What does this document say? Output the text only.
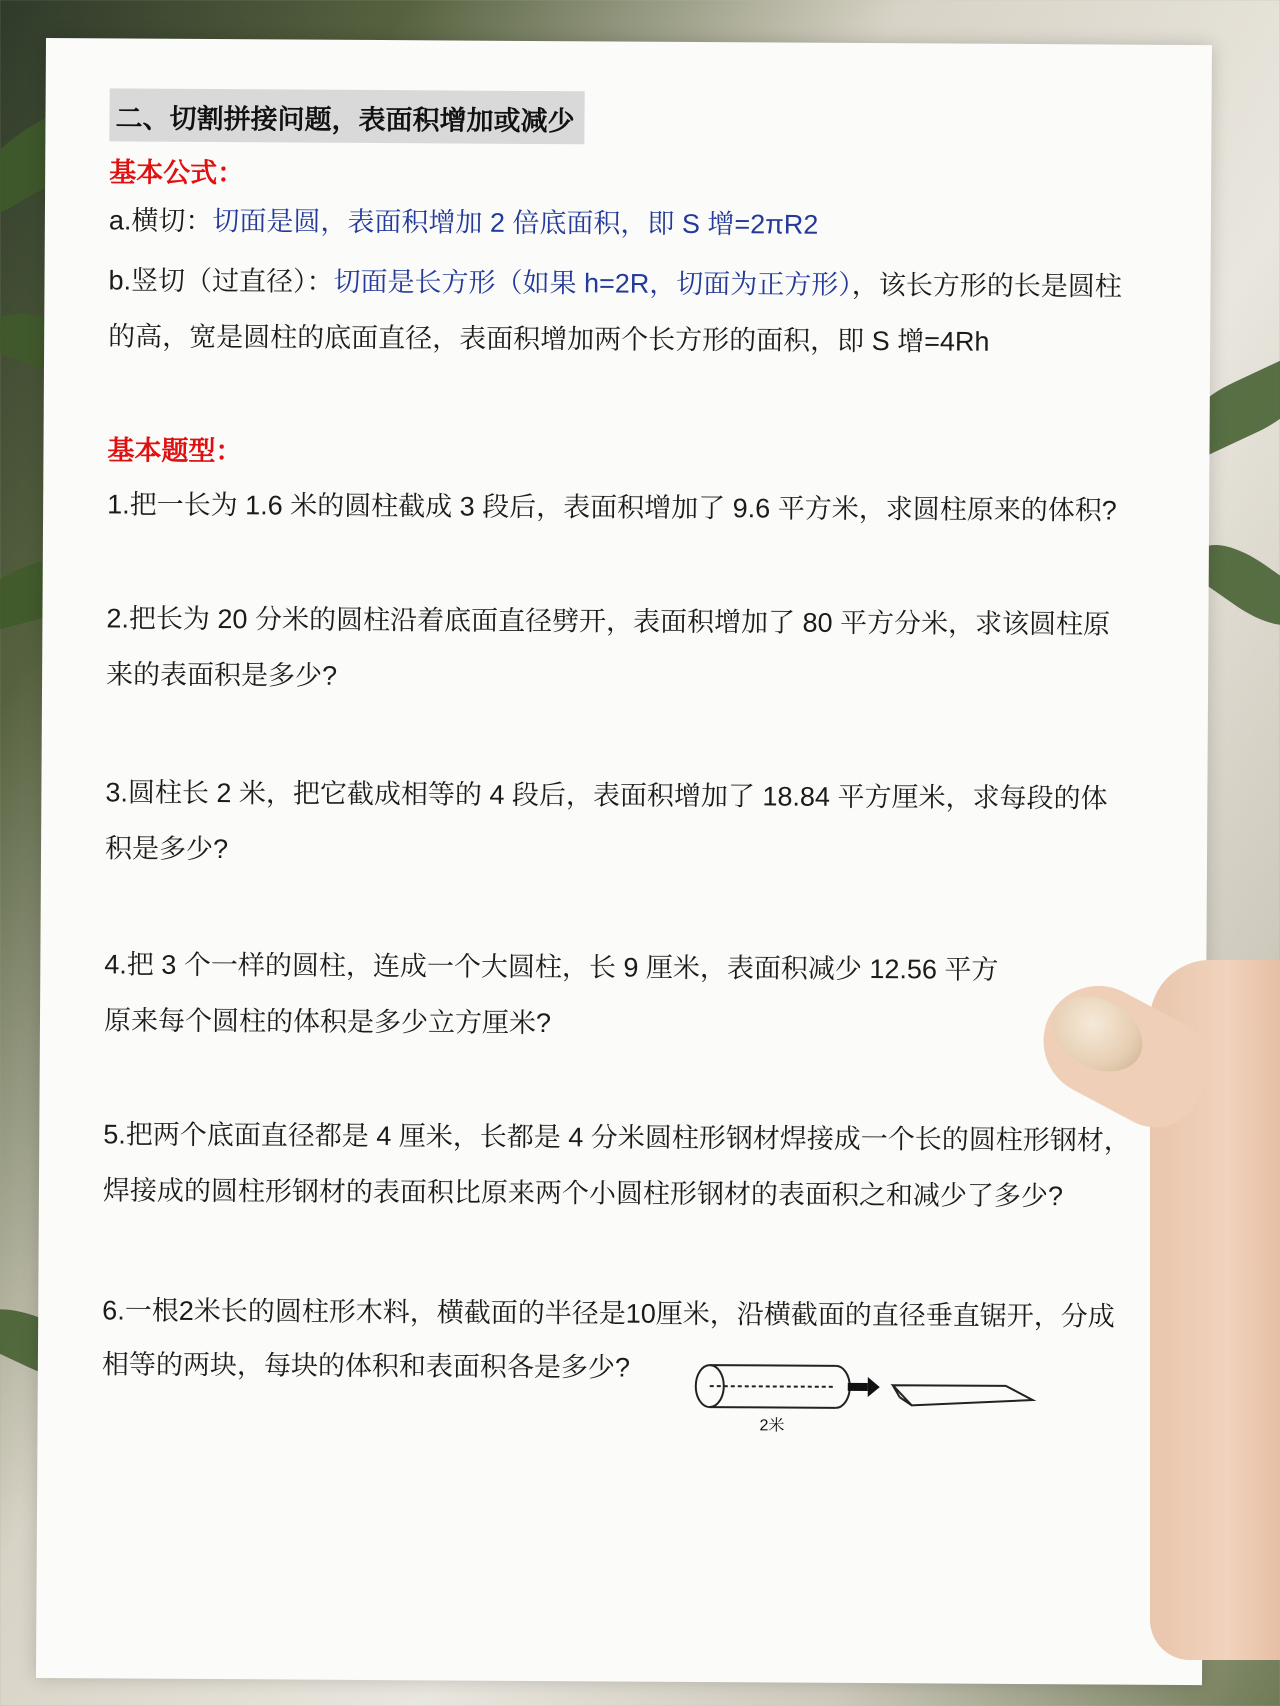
二、切割拼接问题，表面积增加或减少
基本公式：
a.横切：切面是圆，表面积增加 2 倍底面积，即 S 增=2πR2
b.竖切（过直径）：切面是长方形（如果 h=2R，切面为正方形），该长方形的长是圆柱
的高，宽是圆柱的底面直径，表面积增加两个长方形的面积，即 S 增=4Rh
基本题型：
1.把一长为 1.6 米的圆柱截成 3 段后，表面积增加了 9.6 平方米，求圆柱原来的体积?
2.把长为 20 分米的圆柱沿着底面直径劈开，表面积增加了 80 平方分米，求该圆柱原
来的表面积是多少?
3.圆柱长 2 米，把它截成相等的 4 段后，表面积增加了 18.84 平方厘米，求每段的体
积是多少?
4.把 3 个一样的圆柱，连成一个大圆柱，长 9 厘米，表面积减少 12.56 平方
原来每个圆柱的体积是多少立方厘米?
5.把两个底面直径都是 4 厘米，长都是 4 分米圆柱形钢材焊接成一个长的圆柱形钢材，
焊接成的圆柱形钢材的表面积比原来两个小圆柱形钢材的表面积之和减少了多少?
6.一根2米长的圆柱形木料，横截面的半径是10厘米，沿横截面的直径垂直锯开，分成
相等的两块，每块的体积和表面积各是多少?
2米
